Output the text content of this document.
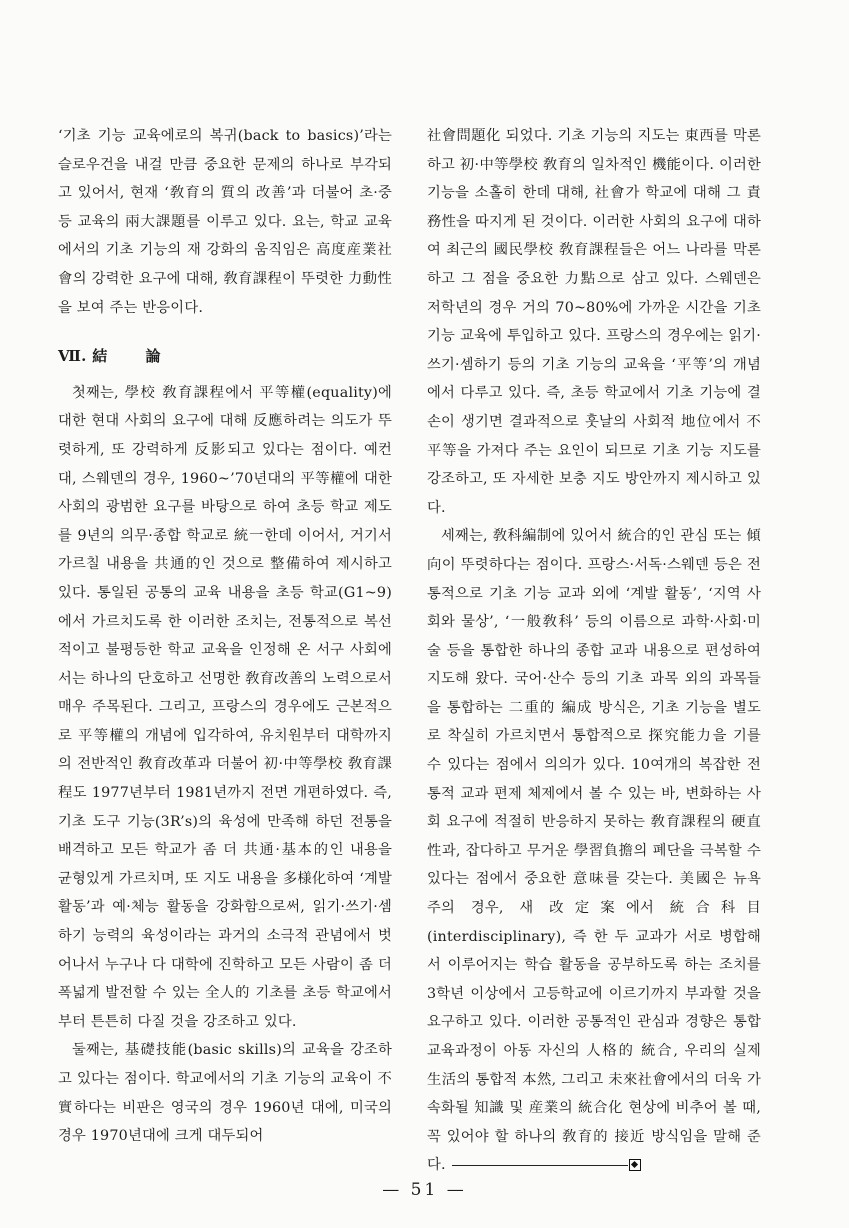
‘기초 기능 교육에로의 복귀(back to basics)’라는 슬로우건을 내걸 만큼 중요한 문제의 하나로 부각되고 있어서, 현재 ‘敎育의 質의 改善’과 더불어 초·중등 교육의 兩大課題를 이루고 있다. 요는, 학교 교육에서의 기초 기능의 재 강화의 움직임은 高度産業社會의 강력한 요구에 대해, 敎育課程이 뚜렷한 力動性을 보여 주는 반응이다.

Ⅶ. 結	論

첫째는, 學校 敎育課程에서 平等權(equality)에 대한 현대 사회의 요구에 대해 反應하려는 의도가 뚜렷하게, 또 강력하게 反影되고 있다는 점이다. 예컨대, 스웨덴의 경우, 1960~’70년대의 平等權에 대한 사회의 광범한 요구를 바탕으로 하여 초등 학교 제도를 9년의 의무·종합 학교로 統一한데 이어서, 거기서 가르칠 내용을 共通的인 것으로 整備하여 제시하고 있다. 통일된 공통의 교육 내용을 초등 학교(G1~9)에서 가르치도록 한 이러한 조치는, 전통적으로 복선적이고 불평등한 학교 교육을 인정해 온 서구 사회에서는 하나의 단호하고 선명한 敎育改善의 노력으로서 매우 주목된다. 그리고, 프랑스의 경우에도 근본적으로 平等權의 개념에 입각하여, 유치원부터 대학까지의 전반적인 敎育改革과 더불어 初·中等學校 敎育課程도 1977년부터 1981년까지 전면 개편하였다. 즉, 기초 도구 기능(3R’s)의 육성에 만족해 하던 전통을 배격하고 모든 학교가 좀 더 共通·基本的인 내용을 균형있게 가르치며, 또 지도 내용을 多様化하여 ‘계발 활동’과 예·체능 활동을 강화함으로써, 읽기·쓰기·셈하기 능력의 육성이라는 과거의 소극적 관념에서 벗어나서 누구나 다 대학에 진학하고 모든 사람이 좀 더 폭넓게 발전할 수 있는 全人的 기초를 초등 학교에서부터 튼튼히 다질 것을 강조하고 있다.

둘째는, 基礎技能(basic skills)의 교육을 강조하고 있다는 점이다. 학교에서의 기초 기능의 교육이 不實하다는 비판은 영국의 경우 1960년 대에, 미국의 경우 1970년대에 크게 대두되어

社會問題化 되었다. 기초 기능의 지도는 東西를 막론하고 初·中等學校 敎育의 일차적인 機能이다. 이러한 기능을 소홀히 한데 대해, 社會가 학교에 대해 그 責務性을 따지게 된 것이다. 이러한 사회의 요구에 대하여 최근의 國民學校 敎育課程들은 어느 나라를 막론하고 그 점을 중요한 力點으로 삼고 있다. 스웨덴은 저학년의 경우 거의 70~80%에 가까운 시간을 기초 기능 교육에 투입하고 있다. 프랑스의 경우에는 읽기·쓰기·셈하기 등의 기초 기능의 교육을 ‘平等’의 개념에서 다루고 있다. 즉, 초등 학교에서 기초 기능에 결손이 생기면 결과적으로 훗날의 사회적 地位에서 不平等을 가져다 주는 요인이 되므로 기초 기능 지도를 강조하고, 또 자세한 보충 지도 방안까지 제시하고 있다.

세째는, 敎科編制에 있어서 統合的인 관심 또는 傾向이 뚜렷하다는 점이다. 프랑스·서독·스웨덴 등은 전통적으로 기초 기능 교과 외에 ‘계발 활동’, ‘지역 사회와 물상’, ‘一般敎科’ 등의 이름으로 과학·사회·미술 등을 통합한 하나의 종합 교과 내용으로 편성하여 지도해 왔다. 국어·산수 등의 기초 과목 외의 과목들을 통합하는 二重的 編成 방식은, 기초 기능을 별도로 착실히 가르치면서 통합적으로 探究能力을 기를 수 있다는 점에서 의의가 있다. 10여개의 복잡한 전통적 교과 편제 체제에서 볼 수 있는 바, 변화하는 사회 요구에 적절히 반응하지 못하는 敎育課程의 硬直性과, 잡다하고 무거운 學習負擔의 폐단을 극복할 수 있다는 점에서 중요한 意味를 갖는다. 美國은 뉴욕 주의 경우, 새 改定案에서 統合科目(interdisciplinary), 즉 한 두 교과가 서로 병합해서 이루어지는 학습 활동을 공부하도록 하는 조치를 3학년 이상에서 고등학교에 이르기까지 부과할 것을 요구하고 있다. 이러한 공통적인 관심과 경향은 통합 교육과정이 아동 자신의 人格的 統合, 우리의 실제 生活의 통합적 本然, 그리고 未來社會에서의 더욱 가속화될 知識 및 産業의 統合化 현상에 비추어 볼 때, 꼭 있어야 할 하나의 敎育的 接近 방식임을 말해 준다.

— 51 —
